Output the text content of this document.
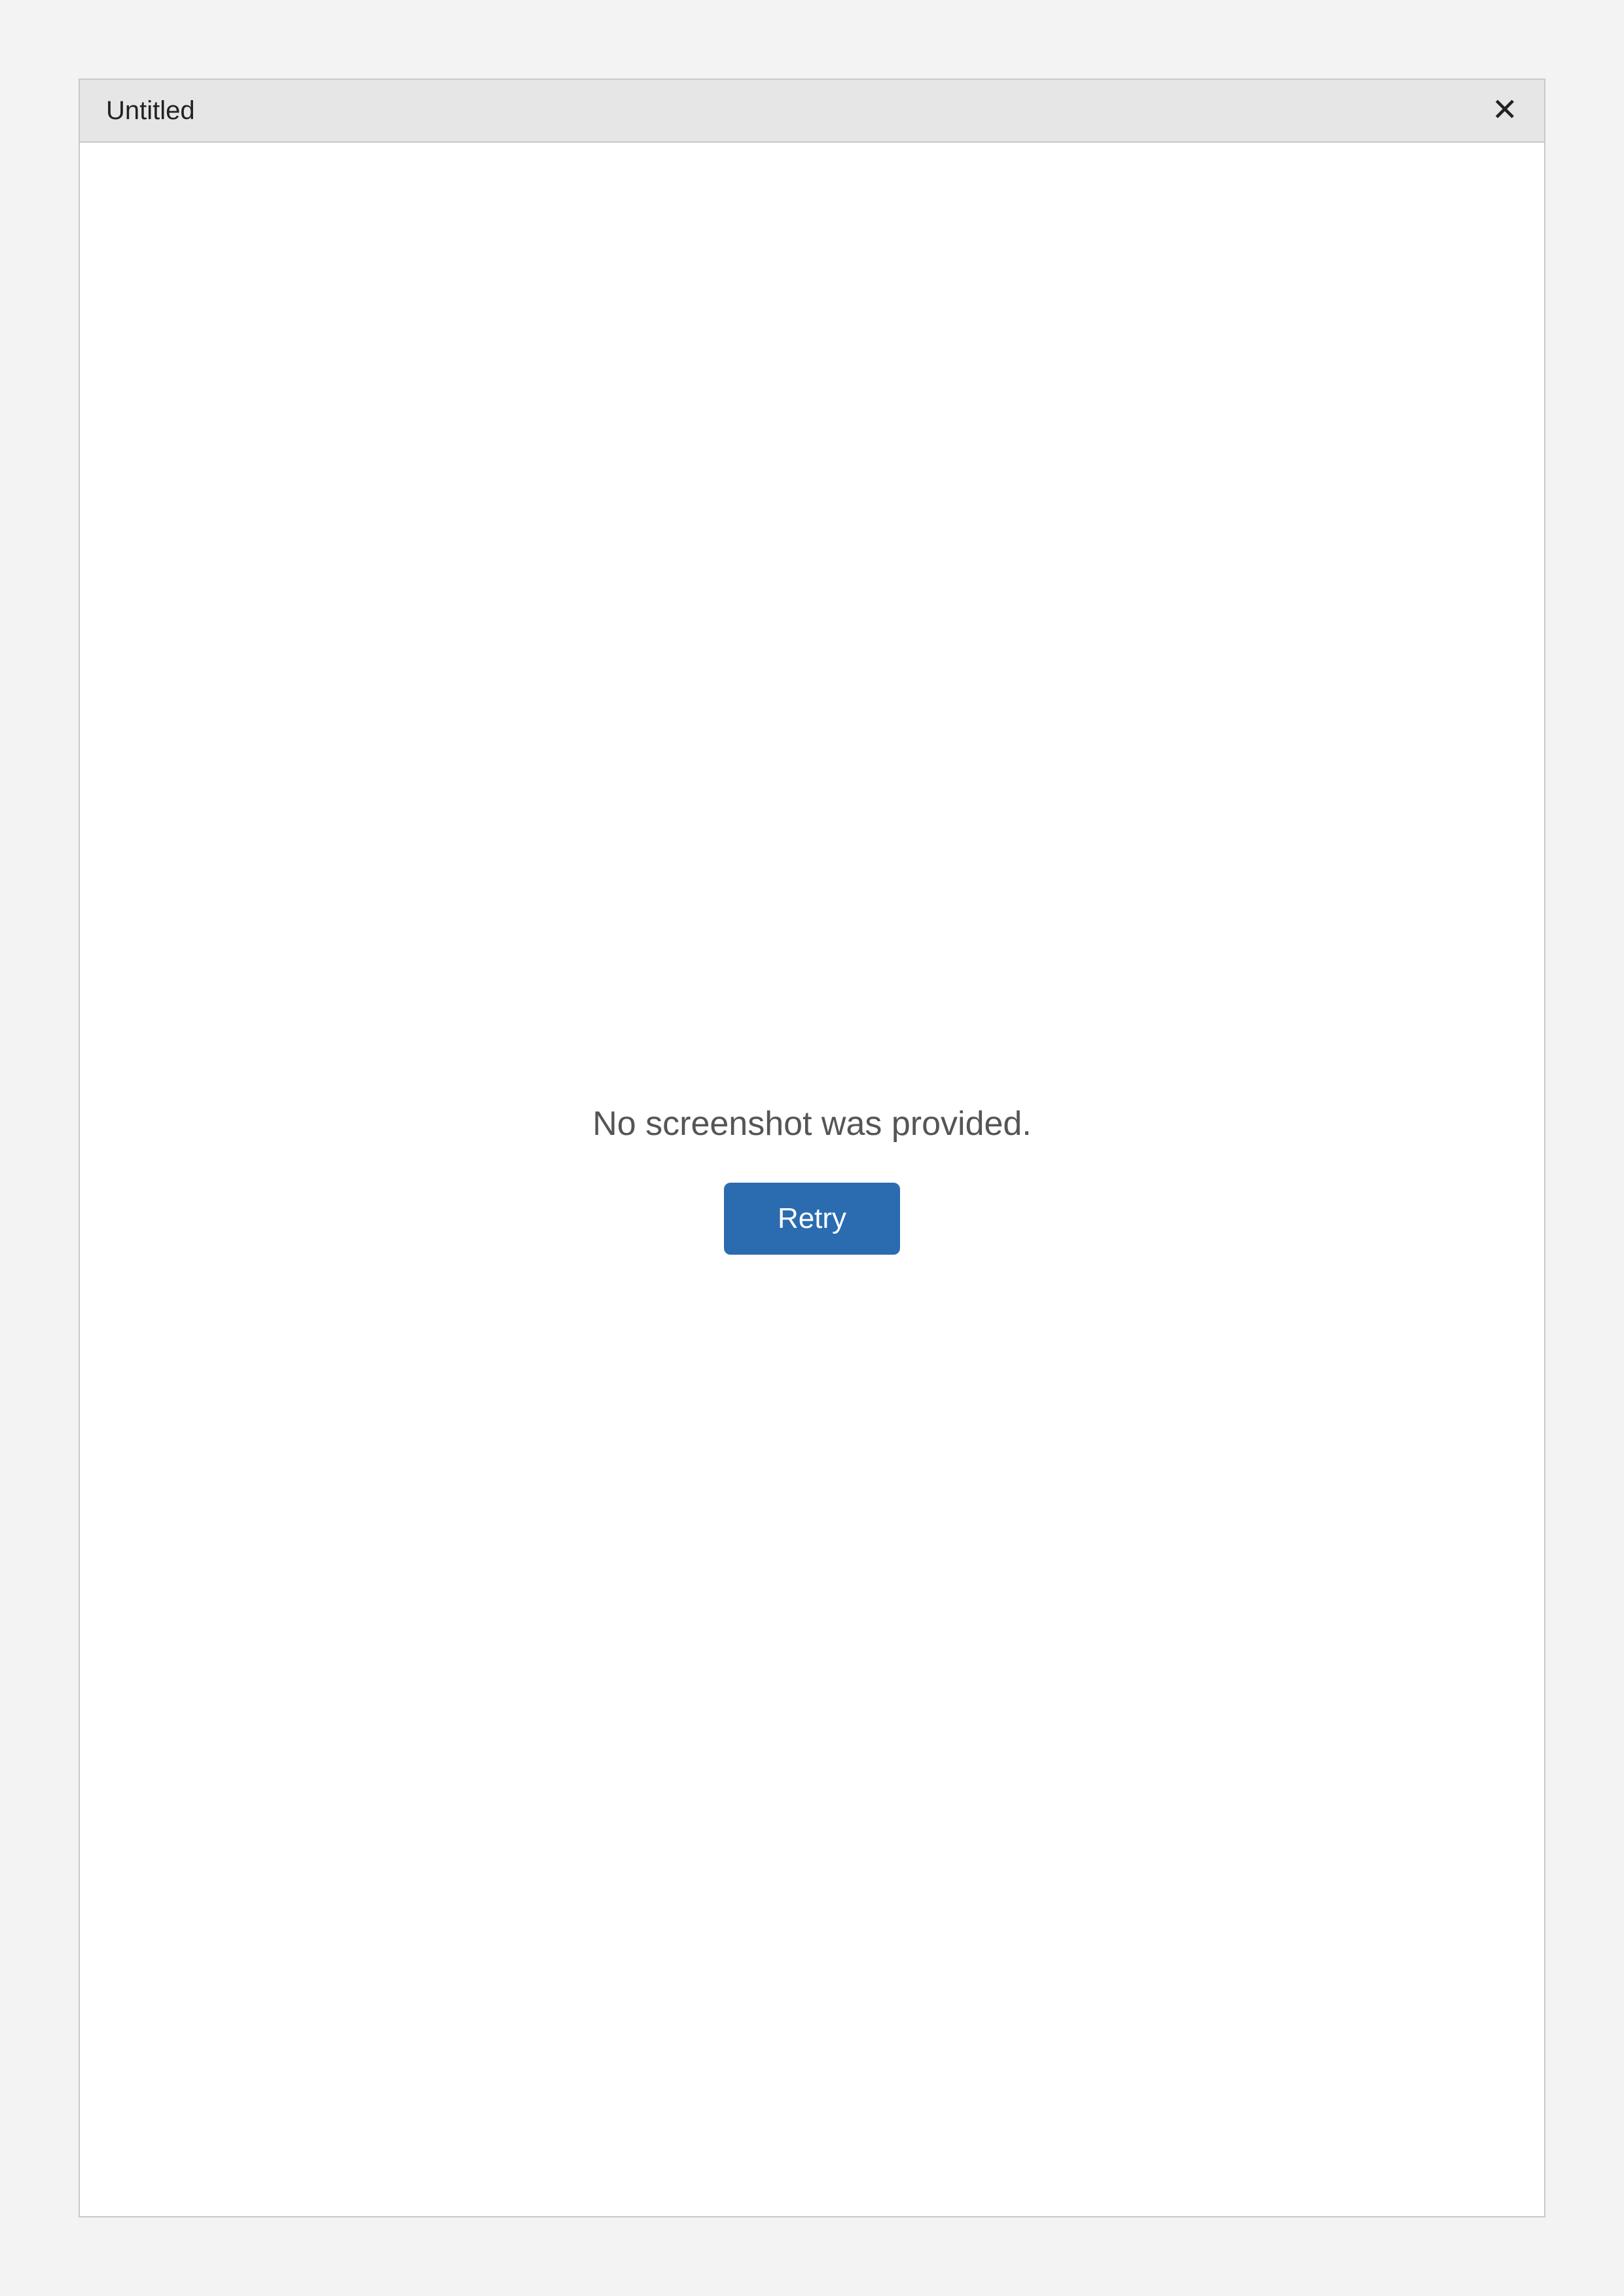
Untitled	✕
No screenshot was provided.
Retry
